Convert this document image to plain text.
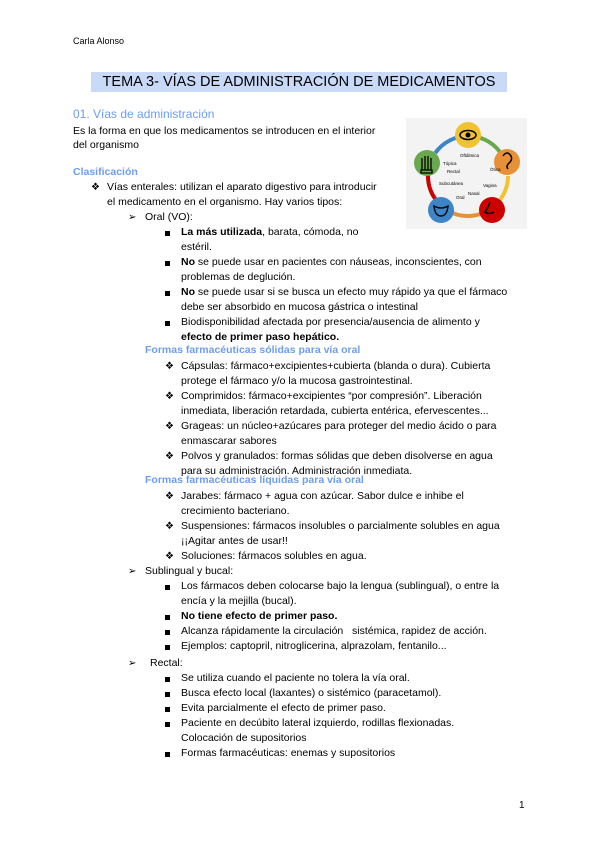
Carla Alonso
TEMA 3- VÍAS DE ADMINISTRACIÓN DE MEDICAMENTOS
01. Vías de administración
Es la forma en que los medicamentos se introducen en el interior
del organismo
Oftálmica
Ótica
Vagina
Nasal
Oral
Subcutánea
Tópica
Rectal
Clasificación
❖ Vías enterales: utilizan el aparato digestivo para introducir
el medicamento en el organismo. Hay varios tipos:
➢ Oral (VO):
La más utilizada, barata, cómoda, no
estéril.
No se puede usar en pacientes con náuseas, inconscientes, con
problemas de deglución.
No se puede usar si se busca un efecto muy rápido ya que el fármaco
debe ser absorbido en mucosa gástrica o intestinal
Biodisponibilidad afectada por presencia/ausencia de alimento y
efecto de primer paso hepático.
Formas farmacéuticas sólidas para vía oral
❖ Cápsulas: fármaco+excipientes+cubierta (blanda o dura). Cubierta
protege el fármaco y/o la mucosa gastrointestinal.
❖ Comprimidos: fármaco+excipientes “por compresión”. Liberación
inmediata, liberación retardada, cubierta entérica, efervescentes...
❖ Grageas: un núcleo+azúcares para proteger del medio ácido o para
enmascarar sabores
❖ Polvos y granulados: formas sólidas que deben disolverse en agua
para su administración. Administración inmediata.
Formas farmacéuticas líquidas para vía oral
❖ Jarabes: fármaco + agua con azúcar. Sabor dulce e inhibe el
crecimiento bacteriano.
❖ Suspensiones: fármacos insolubles o parcialmente solubles en agua
¡¡Agitar antes de usar!!
❖ Soluciones: fármacos solubles en agua.
➢ Sublingual y bucal:
Los fármacos deben colocarse bajo la lengua (sublingual), o entre la
encía y la mejilla (bucal).
No tiene efecto de primer paso.
Alcanza rápidamente la circulación   sistémica, rapidez de acción.
Ejemplos: captopril, nitroglicerina, alprazolam, fentanilo...
➢ Rectal:
Se utiliza cuando el paciente no tolera la vía oral.
Busca efecto local (laxantes) o sistémico (paracetamol).
Evita parcialmente el efecto de primer paso.
Paciente en decúbito lateral izquierdo, rodillas flexionadas.
Colocación de supositorios
Formas farmacéuticas: enemas y supositorios
1
